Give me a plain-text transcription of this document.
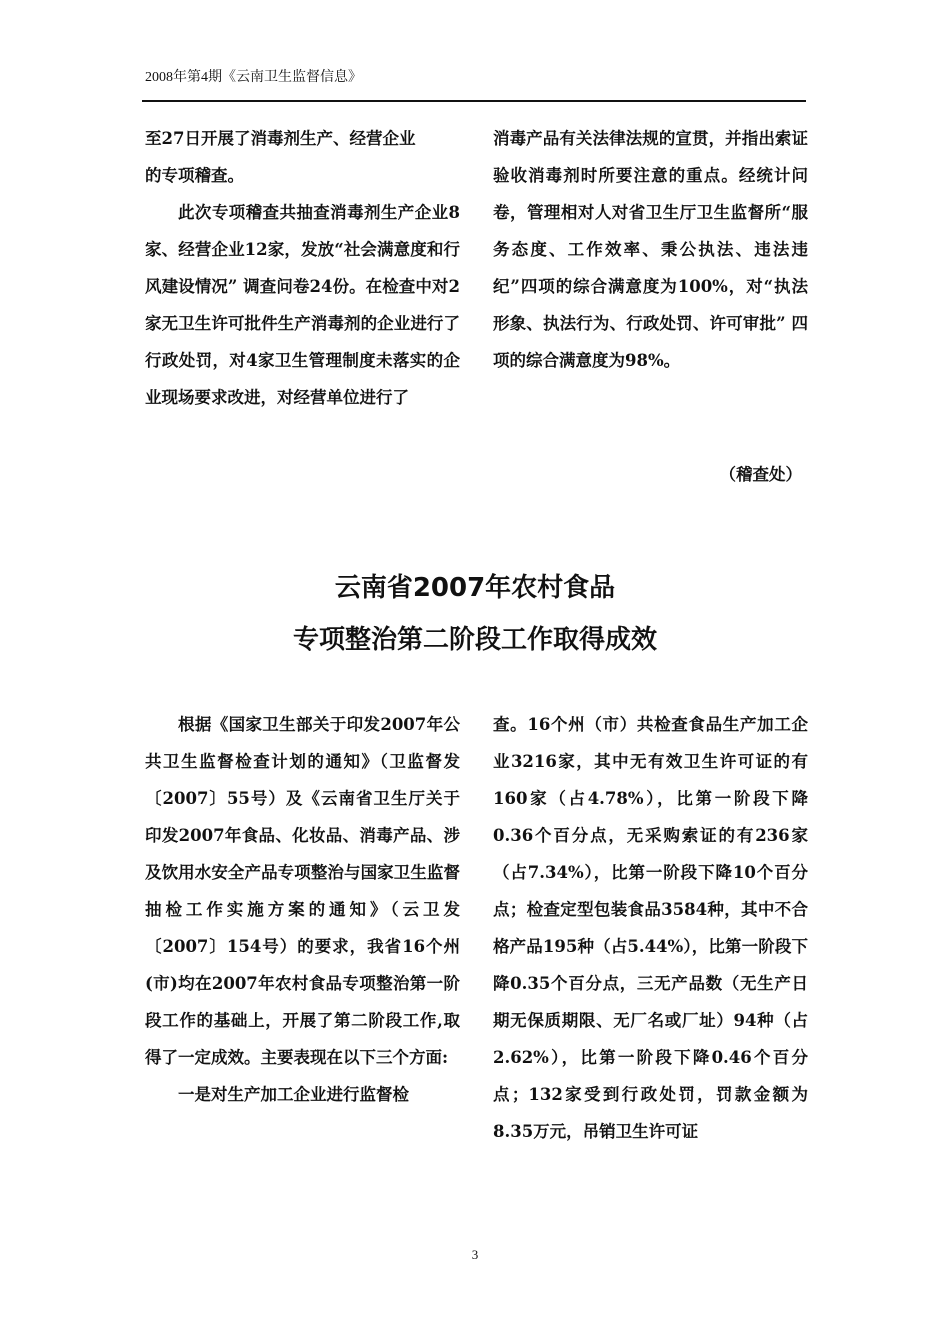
2008年第4期《云南卫生监督信息》

至27日开展了消毒剂生产、经营企业

的专项稽查。

此次专项稽查共抽查消毒剂生产企业8家、经营企业12家，发放“社会满意度和行风建设情况” 调查问卷24份。在检查中对2家无卫生许可批件生产消毒剂的企业进行了行政处罚，对4家卫生管理制度未落实的企业现场要求改进，对经营单位进行了

消毒产品有关法律法规的宣贯，并指出索证验收消毒剂时所要注意的重点。经统计问卷，管理相对人对省卫生厅卫生监督所“服务态度、工作效率、秉公执法、违法违纪”四项的综合满意度为100%，对“执法形象、执法行为、行政处罚、许可审批” 四项的综合满意度为98%。

（稽查处）
云南省2007年农村食品
专项整治第二阶段工作取得成效

根据《国家卫生部关于印发2007年公共卫生监督检查计划的通知》（卫监督发〔2007〕55号）及《云南省卫生厅关于印发2007年食品、化妆品、消毒产品、涉及饮用水安全产品专项整治与国家卫生监督抽检工作实施方案的通知》（云卫发〔2007〕154号）的要求，我省16个州(市)均在2007年农村食品专项整治第一阶段工作的基础上，开展了第二阶段工作,取得了一定成效。主要表现在以下三个方面:

一是对生产加工企业进行监督检

查。16个州（市）共检查食品生产加工企业3216家，其中无有效卫生许可证的有160家（占4.78%），比第一阶段下降0.36个百分点，无采购索证的有236家（占7.34%），比第一阶段下降10个百分点；检查定型包装食品3584种，其中不合格产品195种（占5.44%），比第一阶段下降0.35个百分点，三无产品数（无生产日期无保质期限、无厂名或厂址）94种（占2.62%），比第一阶段下降0.46个百分点；132家受到行政处罚，罚款金额为8.35万元，吊销卫生许可证

3
